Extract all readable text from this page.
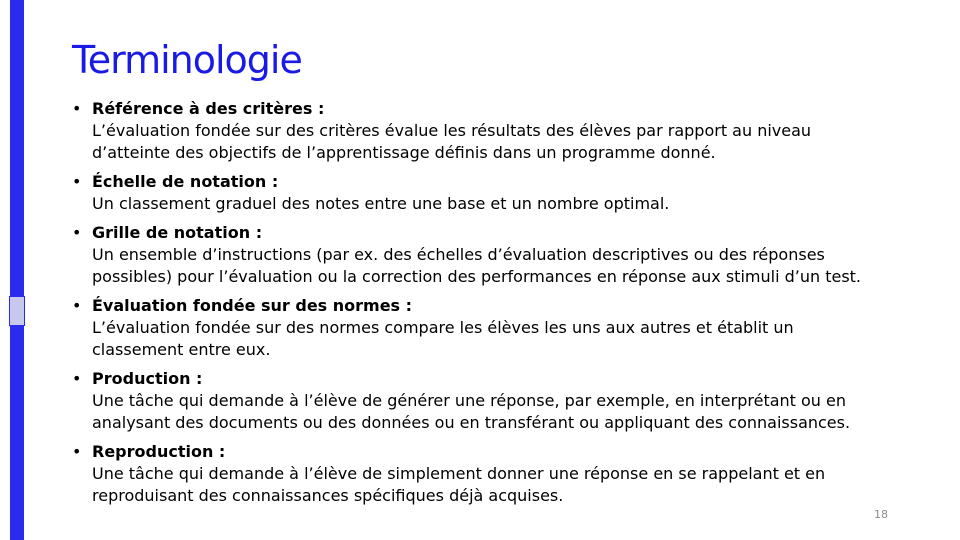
Terminologie
• Référence à des critères :
L’évaluation fondée sur des critères évalue les résultats des élèves par rapport au niveau d’atteinte des objectifs de l’apprentissage définis dans un programme donné.
• Échelle de notation :
Un classement graduel des notes entre une base et un nombre optimal.
• Grille de notation :
Un ensemble d’instructions (par ex. des échelles d’évaluation descriptives ou des réponses possibles) pour l’évaluation ou la correction des performances en réponse aux stimuli d’un test.
• Évaluation fondée sur des normes :
L’évaluation fondée sur des normes compare les élèves les uns aux autres et établit un classement entre eux.
• Production :
Une tâche qui demande à l’élève de générer une réponse, par exemple, en interprétant ou en analysant des documents ou des données ou en transférant ou appliquant des connaissances.
• Reproduction :
Une tâche qui demande à l’élève de simplement donner une réponse en se rappelant et en reproduisant des connaissances spécifiques déjà acquises.
18
